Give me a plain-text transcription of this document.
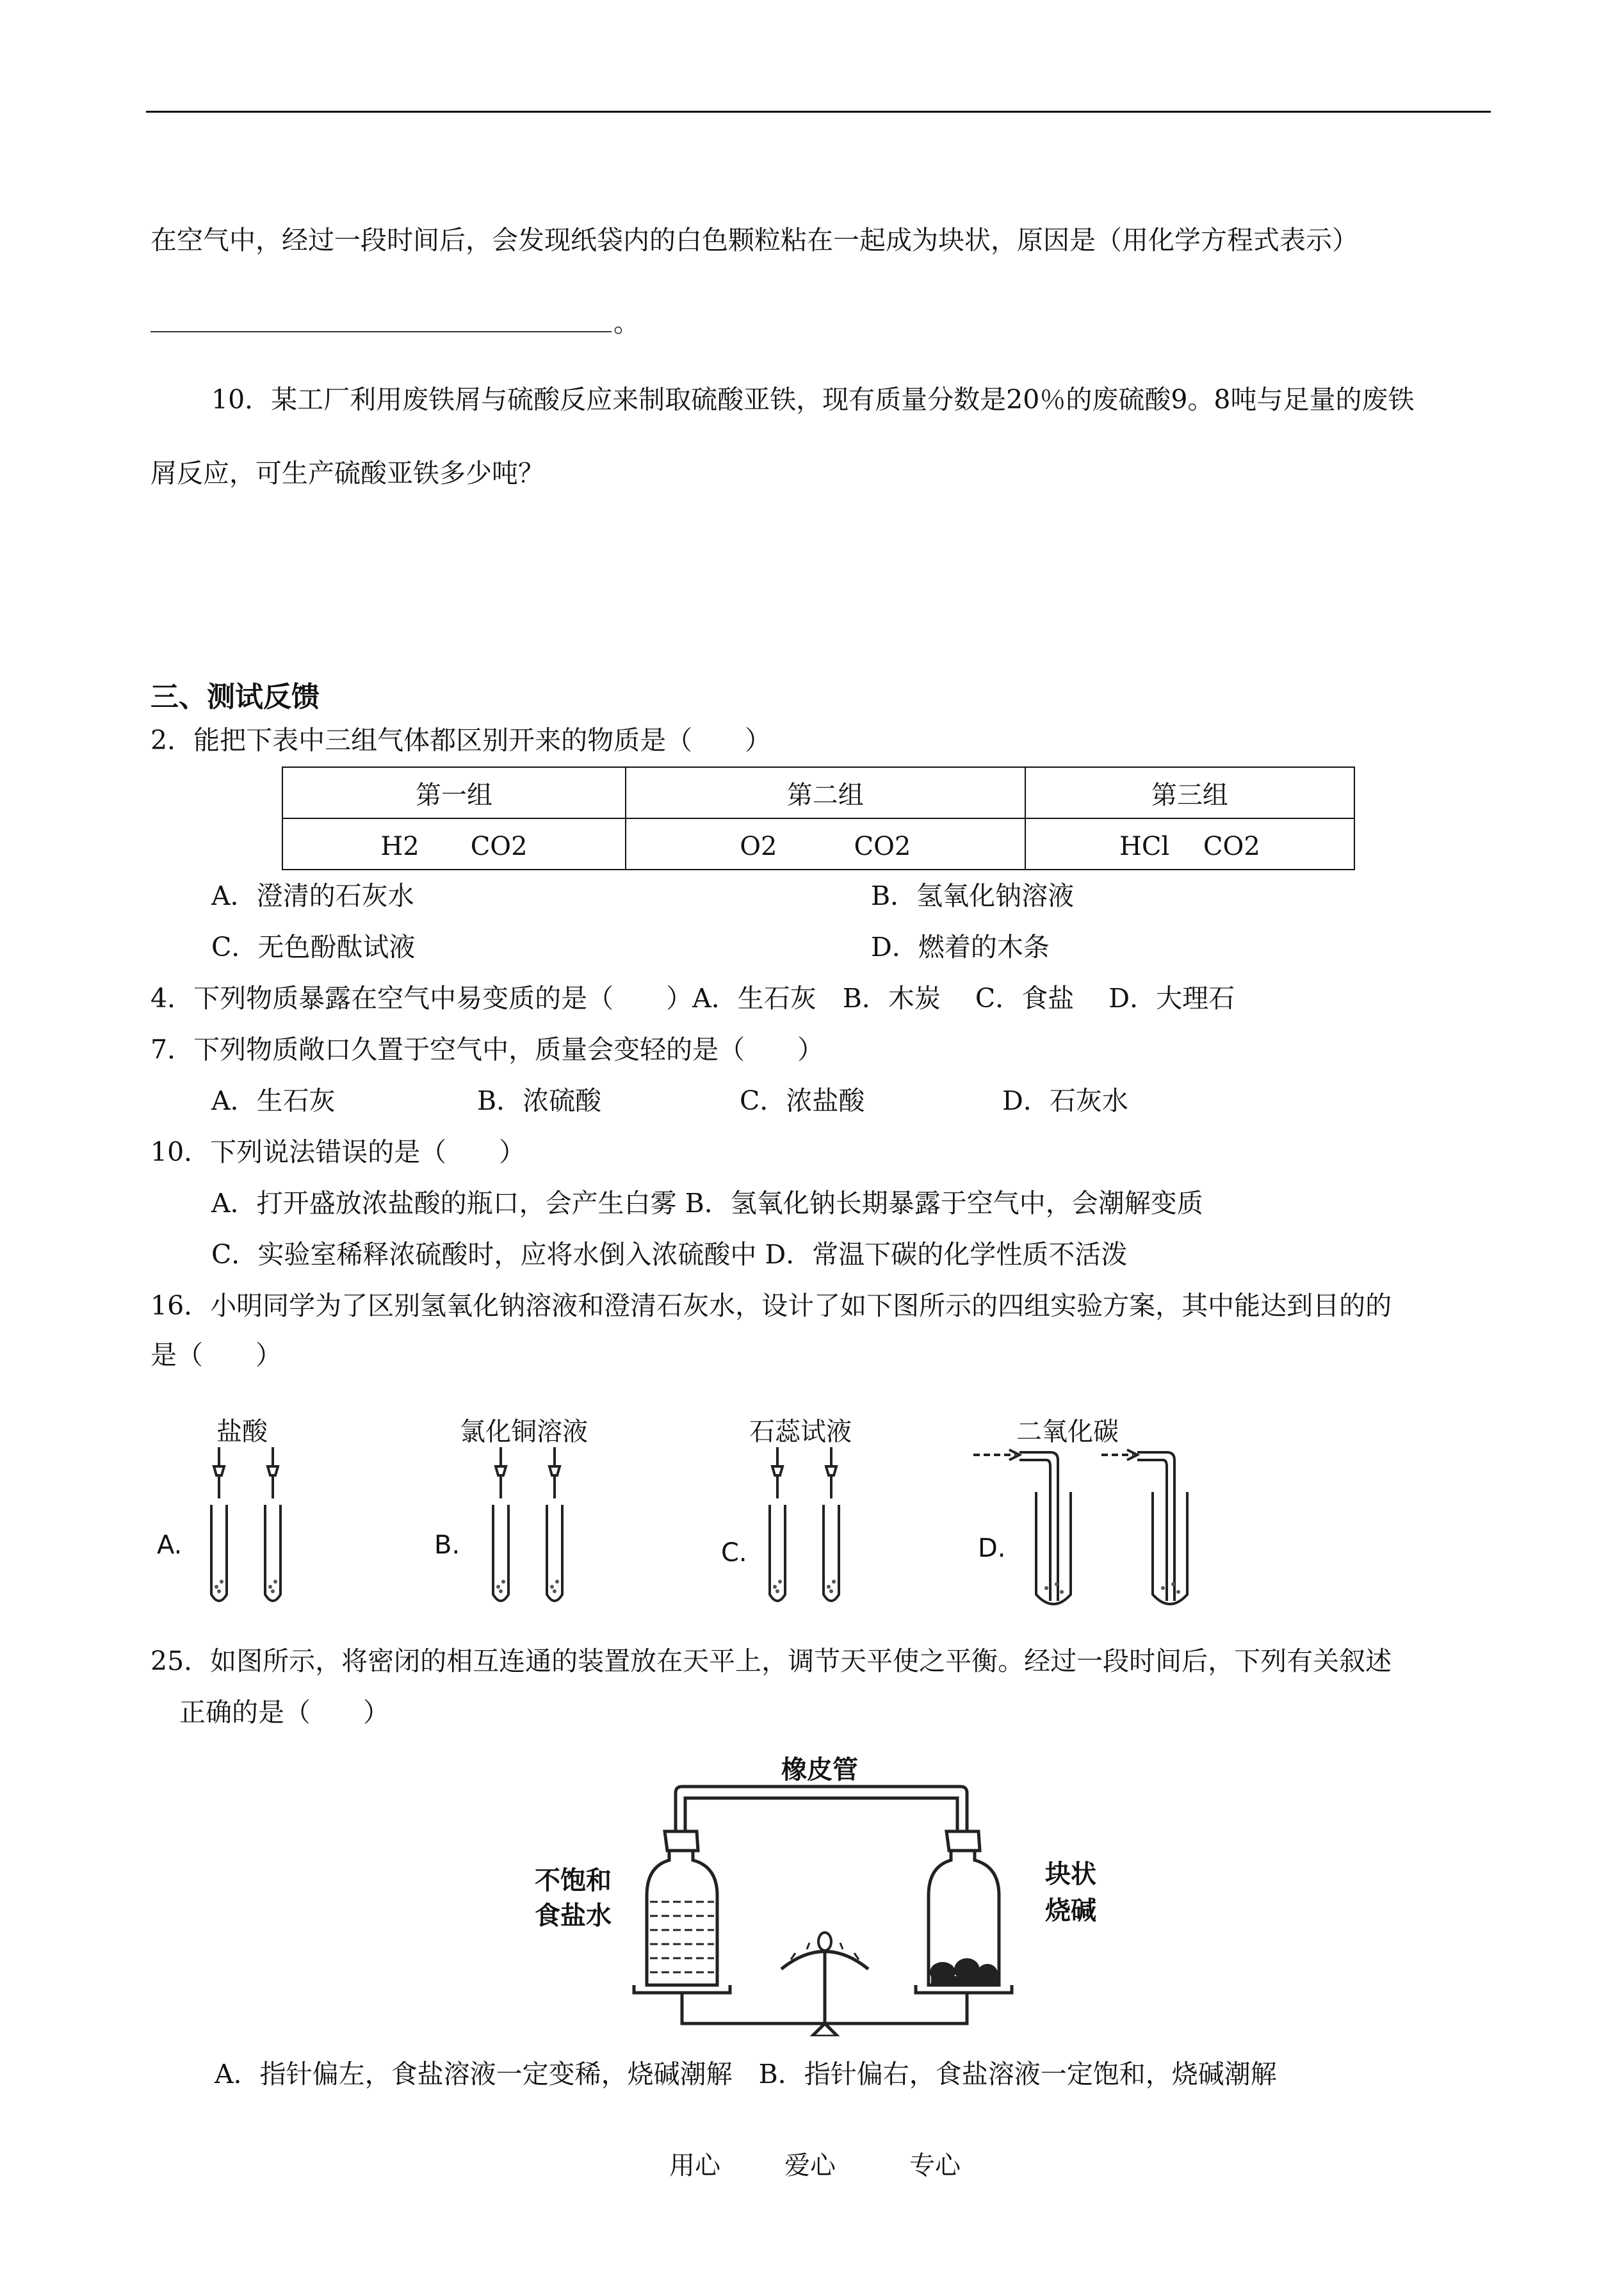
在空气中，经过一段时间后，会发现纸袋内的白色颗粒粘在一起成为块状，原因是（用化学方程式表示）
。
10．某工厂利用废铁屑与硫酸反应来制取硫酸亚铁，现有质量分数是20％的废硫酸9。8吨与足量的废铁
屑反应，可生产硫酸亚铁多少吨？
三、测试反馈
2．能把下表中三组气体都区别开来的物质是（　　）
第一组	第二组	第三组
H2　　CO2	O2　　　CO2	HCl　 CO2
A．澄清的石灰水	B．氢氧化钠溶液
C．无色酚酞试液	D．燃着的木条
4．下列物质暴露在空气中易变质的是（　　）A．生石灰　B．木炭　 C．食盐　 D．大理石
7．下列物质敞口久置于空气中，质量会变轻的是（　　）
A．生石灰	B．浓硫酸	C．浓盐酸	D．石灰水
10．下列说法错误的是（　　）
A．打开盛放浓盐酸的瓶口，会产生白雾 B．氢氧化钠长期暴露于空气中，会潮解变质
C．实验室稀释浓硫酸时，应将水倒入浓硫酸中 D．常温下碳的化学性质不活泼
16．小明同学为了区别氢氧化钠溶液和澄清石灰水，设计了如下图所示的四组实验方案，其中能达到目的的
是（　　）
盐酸	氯化铜溶液	石蕊试液	二氧化碳
A.	B.	C.	D.
25．如图所示，将密闭的相互连通的装置放在天平上，调节天平使之平衡。经过一段时间后，下列有关叙述
正确的是（　　）
橡皮管
不饱和
食盐水
块状
烧碱
A．指针偏左，食盐溶液一定变稀，烧碱潮解　B．指针偏右，食盐溶液一定饱和，烧碱潮解
用心	爱心	专心
